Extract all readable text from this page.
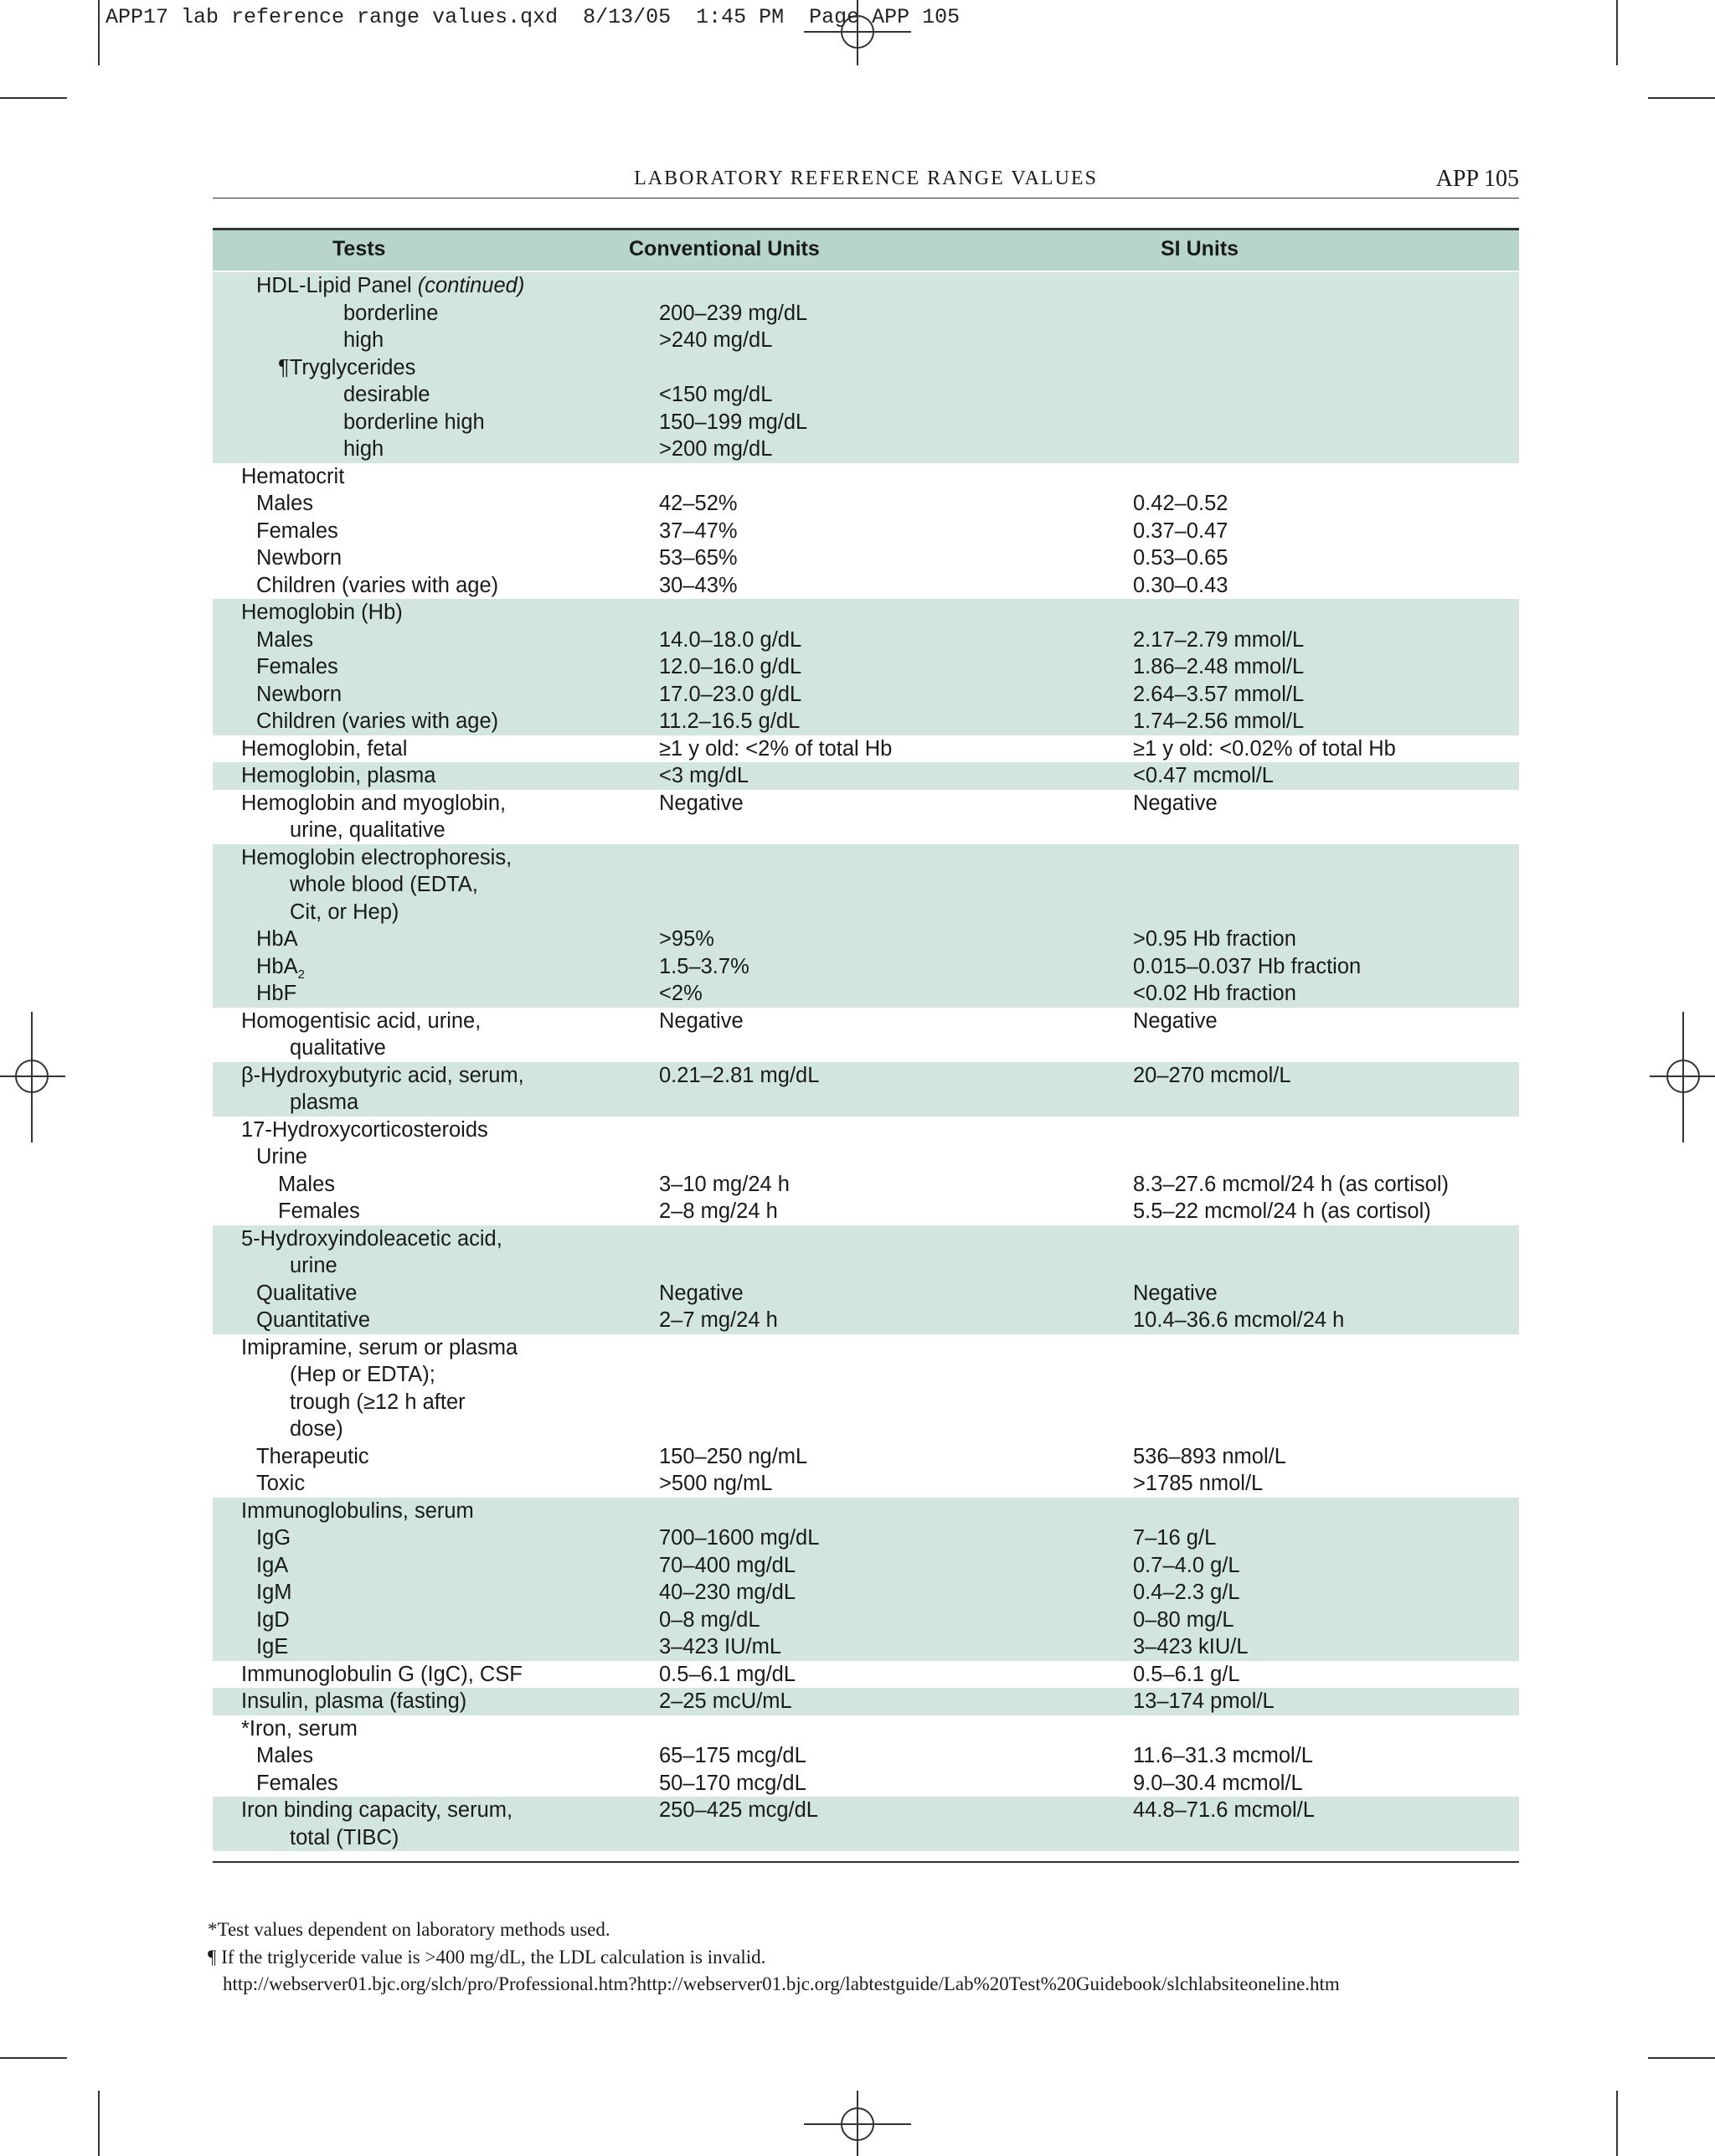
APP17 lab reference range values.qxd  8/13/05  1:45 PM  Page APP 105
LABORATORY REFERENCE RANGE VALUES	APP 105
Tests	Conventional Units	SI Units
HDL-Lipid Panel (continued)
borderline	200–239 mg/dL
high	>240 mg/dL
¶Tryglycerides
desirable	<150 mg/dL
borderline high	150–199 mg/dL
high	>200 mg/dL
Hematocrit
Males	42–52%	0.42–0.52
Females	37–47%	0.37–0.47
Newborn	53–65%	0.53–0.65
Children (varies with age)	30–43%	0.30–0.43
Hemoglobin (Hb)
Males	14.0–18.0 g/dL	2.17–2.79 mmol/L
Females	12.0–16.0 g/dL	1.86–2.48 mmol/L
Newborn	17.0–23.0 g/dL	2.64–3.57 mmol/L
Children (varies with age)	11.2–16.5 g/dL	1.74–2.56 mmol/L
Hemoglobin, fetal	≥1 y old: <2% of total Hb	≥1 y old: <0.02% of total Hb
Hemoglobin, plasma	<3 mg/dL	<0.47 mcmol/L
Hemoglobin and myoglobin,	Negative	Negative
urine, qualitative
Hemoglobin electrophoresis,
whole blood (EDTA,
Cit, or Hep)
HbA	>95%	>0.95 Hb fraction
HbA$_2$	1.5–3.7%	0.015–0.037 Hb fraction
HbF	<2%	<0.02 Hb fraction
Homogentisic acid, urine,	Negative	Negative
qualitative
β-Hydroxybutyric acid, serum,	0.21–2.81 mg/dL	20–270 mcmol/L
plasma
17-Hydroxycorticosteroids
Urine
Males	3–10 mg/24 h	8.3–27.6 mcmol/24 h (as cortisol)
Females	2–8 mg/24 h	5.5–22 mcmol/24 h (as cortisol)
5-Hydroxyindoleacetic acid,
urine
Qualitative	Negative	Negative
Quantitative	2–7 mg/24 h	10.4–36.6 mcmol/24 h
Imipramine, serum or plasma
(Hep or EDTA);
trough (≥12 h after
dose)
Therapeutic	150–250 ng/mL	536–893 nmol/L
Toxic	>500 ng/mL	>1785 nmol/L
Immunoglobulins, serum
IgG	700–1600 mg/dL	7–16 g/L
IgA	70–400 mg/dL	0.7–4.0 g/L
IgM	40–230 mg/dL	0.4–2.3 g/L
IgD	0–8 mg/dL	0–80 mg/L
IgE	3–423 IU/mL	3–423 kIU/L
Immunoglobulin G (IgC), CSF	0.5–6.1 mg/dL	0.5–6.1 g/L
Insulin, plasma (fasting)	2–25 mcU/mL	13–174 pmol/L
*Iron, serum
Males	65–175 mcg/dL	11.6–31.3 mcmol/L
Females	50–170 mcg/dL	9.0–30.4 mcmol/L
Iron binding capacity, serum,	250–425 mcg/dL	44.8–71.6 mcmol/L
total (TIBC)
*Test values dependent on laboratory methods used.
¶ If the triglyceride value is >400 mg/dL, the LDL calculation is invalid.
http://webserver01.bjc.org/slch/pro/Professional.htm?http://webserver01.bjc.org/labtestguide/Lab%20Test%20Guidebook/slchlabsiteoneline.htm
